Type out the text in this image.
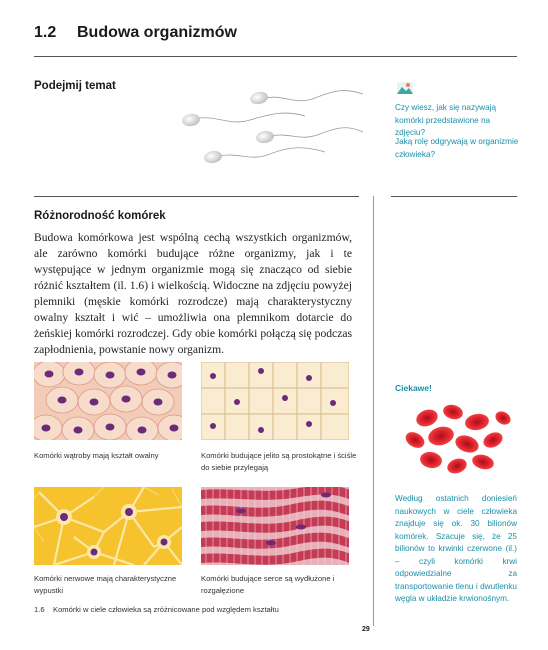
1.2 Budowa organizmów
Podejmij temat
Czy wiesz, jak się nazywają komórki przedstawione na zdjęciu?
Jaką rolę odgrywają w organizmie człowieka?
Różnorodność komórek
Budowa komórkowa jest wspólną cechą wszystkich organizmów, ale zarówno komórki budujące różne organizmy, jak i te występujące w jednym organizmie mogą się znacząco od siebie różnić kształtem (il. 1.6) i wielkością. Widoczne na zdjęciu powyżej plemniki (męskie komórki rozrodcze) mają charakterystyczny owalny kształt i wić – umożliwia ona plemnikom dotarcie do żeńskiej komórki rozrodczej. Gdy obie komórki połączą się podczas zapłodnienia, powstanie nowy organizm.
Komórki wątroby mają kształt owalny	Komórki budujące jelito są prostokątne i ściśle do siebie przylegają
Komórki nerwowe mają charakterystyczne wypustki
Komórki budujące serce są wydłużone i rozgałęzione
1.6 Komórki w ciele człowieka są zróżnicowane pod względem kształtu
Ciekawe!
Według ostatnich doniesień naukowych w ciele człowieka znajduje się ok. 30 bilionów komórek. Szacuje się, że 25 bilionów to krwinki czerwone (il.) – czyli komórki krwi odpowiedzialne za transportowanie tlenu i dwutlenku węgla w układzie krwionośnym.
29
